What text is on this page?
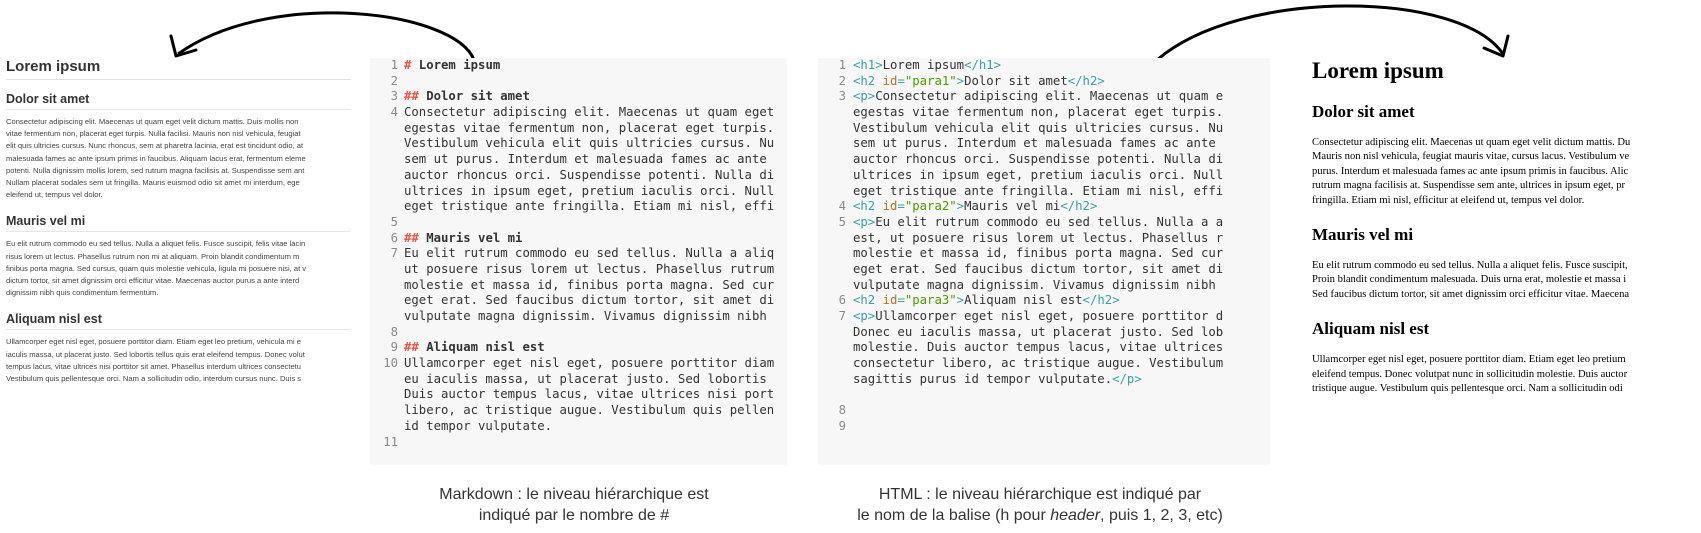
Lorem ipsum
Dolor sit amet
Consectetur adipiscing elit. Maecenas ut quam eget velit dictum mattis. Duis mollis non
vitae fermentum non, placerat eget turpis. Nulla facilisi. Mauris non nisl vehicula, feugiat
elit quis ultricies cursus. Nunc rhoncus, sem at pharetra lacinia, erat est tincidunt odio, at
malesuada fames ac ante ipsum primis in faucibus. Aliquam lacus erat, fermentum eleme
potenti. Nulla dignissim mollis lorem, sed rutrum magna facilisis at. Suspendisse sem ant
Nullam placerat sodales sem ut fringilla. Mauris euismod odio sit amet mi interdum, ege
eleifend ut, tempus vel dolor.
Mauris vel mi
Eu elit rutrum commodo eu sed tellus. Nulla a aliquet felis. Fusce suscipit, felis vitae lacin
risus lorem ut lectus. Phasellus rutrum non mi at aliquam. Proin blandit condimentum m
finibus porta magna. Sed cursus, quam quis molestie vehicula, ligula mi posuere nisi, at v
dictum tortor, sit amet dignissim orci efficitur vitae. Maecenas auctor purus a ante interd
dignissim nibh quis condimentum fermentum.
Aliquam nisl est
Ullamcorper eget nisl eget, posuere porttitor diam. Etiam eget leo pretium, vehicula mi e
iaculis massa, ut placerat justo. Sed lobortis tellus quis erat eleifend tempus. Donec volut
tempus lacus, vitae ultrices nisi porttitor sit amet. Phasellus interdum ultrices consectetu
Vestibulum quis pellentesque orci. Nam a sollicitudin odio, interdum cursus nunc. Duis s
1 # Lorem ipsum
2
3 ## Dolor sit amet
4 Consectetur adipiscing elit. Maecenas ut quam eget
egestas vitae fermentum non, placerat eget turpis.
Vestibulum vehicula elit quis ultricies cursus. Nu
sem ut purus. Interdum et malesuada fames ac ante
auctor rhoncus orci. Suspendisse potenti. Nulla di
ultrices in ipsum eget, pretium iaculis orci. Null
eget tristique ante fringilla. Etiam mi nisl, effi
5
6 ## Mauris vel mi
7 Eu elit rutrum commodo eu sed tellus. Nulla a aliq
ut posuere risus lorem ut lectus. Phasellus rutrum
molestie et massa id, finibus porta magna. Sed cur
eget erat. Sed faucibus dictum tortor, sit amet di
vulputate magna dignissim. Vivamus dignissim nibh
8
9 ## Aliquam nisl est
10 Ullamcorper eget nisl eget, posuere porttitor diam
eu iaculis massa, ut placerat justo. Sed lobortis
Duis auctor tempus lacus, vitae ultrices nisi port
libero, ac tristique augue. Vestibulum quis pellen
id tempor vulputate.
11
1 <h1>Lorem ipsum</h1>
2 <h2 id="para1">Dolor sit amet</h2>
3 <p>Consectetur adipiscing elit. Maecenas ut quam e
egestas vitae fermentum non, placerat eget turpis.
Vestibulum vehicula elit quis ultricies cursus. Nu
sem ut purus. Interdum et malesuada fames ac ante
auctor rhoncus orci. Suspendisse potenti. Nulla di
ultrices in ipsum eget, pretium iaculis orci. Null
eget tristique ante fringilla. Etiam mi nisl, effi
4 <h2 id="para2">Mauris vel mi</h2>
5 <p>Eu elit rutrum commodo eu sed tellus. Nulla a a
est, ut posuere risus lorem ut lectus. Phasellus r
molestie et massa id, finibus porta magna. Sed cur
eget erat. Sed faucibus dictum tortor, sit amet di
vulputate magna dignissim. Vivamus dignissim nibh
6 <h2 id="para3">Aliquam nisl est</h2>
7 <p>Ullamcorper eget nisl eget, posuere porttitor d
Donec eu iaculis massa, ut placerat justo. Sed lob
molestie. Duis auctor tempus lacus, vitae ultrices
consectetur libero, ac tristique augue. Vestibulum
sagittis purus id tempor vulputate.</p>
8
9
Lorem ipsum
Dolor sit amet
Consectetur adipiscing elit. Maecenas ut quam eget velit dictum mattis. Du
Mauris non nisl vehicula, feugiat mauris vitae, cursus lacus. Vestibulum ve
purus. Interdum et malesuada fames ac ante ipsum primis in faucibus. Alic
rutrum magna facilisis at. Suspendisse sem ante, ultrices in ipsum eget, pr
fringilla. Etiam mi nisl, efficitur at eleifend ut, tempus vel dolor.
Mauris vel mi
Eu elit rutrum commodo eu sed tellus. Nulla a aliquet felis. Fusce suscipit,
Proin blandit condimentum malesuada. Duis urna erat, molestie et massa i
Sed faucibus dictum tortor, sit amet dignissim orci efficitur vitae. Maecena
Aliquam nisl est
Ullamcorper eget nisl eget, posuere porttitor diam. Etiam eget leo pretium
eleifend tempus. Donec volutpat nunc in sollicitudin molestie. Duis auctor
tristique augue. Vestibulum quis pellentesque orci. Nam a sollicitudin odi
Markdown : le niveau hiérarchique est
indiqué par le nombre de #
HTML : le niveau hiérarchique est indiqué par
le nom de la balise (h pour header, puis 1, 2, 3, etc)
